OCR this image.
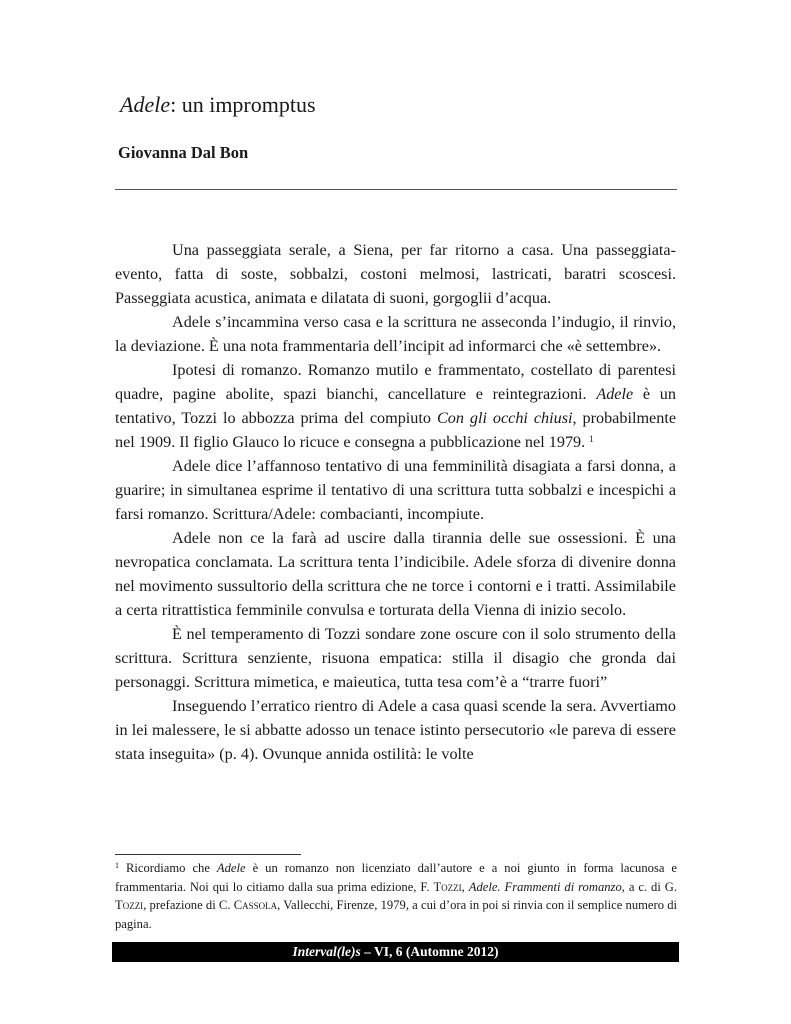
Adele: un impromptus
Giovanna Dal Bon

Una passeggiata serale, a Siena, per far ritorno a casa. Una passeggiata-evento, fatta di soste, sobbalzi, costoni melmosi, lastricati, baratri scoscesi. Passeggiata acustica, animata e dilatata di suoni, gorgoglii d’acqua.

Adele s’incammina verso casa e la scrittura ne asseconda l’indugio, il rinvio, la deviazione. È una nota frammentaria dell’incipit ad informarci che «è settembre».

Ipotesi di romanzo. Romanzo mutilo e frammentato, costellato di parentesi quadre, pagine abolite, spazi bianchi, cancellature e reintegrazioni. Adele è un tentativo, Tozzi lo abbozza prima del compiuto Con gli occhi chiusi, probabilmente nel 1909. Il figlio Glauco lo ricuce e consegna a pubblicazione nel 1979. $^1$

Adele dice l’affannoso tentativo di una femminilità disagiata a farsi donna, a guarire; in simultanea esprime il tentativo di una scrittura tutta sobbalzi e incespichi a farsi romanzo. Scrittura/Adele: combacianti, incompiute.

Adele non ce la farà ad uscire dalla tirannia delle sue ossessioni. È una nevropatica conclamata. La scrittura tenta l’indicibile. Adele sforza di divenire donna nel movimento sussultorio della scrittura che ne torce i contorni e i tratti. Assimilabile a certa ritrattistica femminile convulsa e torturata della Vienna di inizio secolo.

È nel temperamento di Tozzi sondare zone oscure con il solo strumento della scrittura. Scrittura senziente, risuona empatica: stilla il disagio che gronda dai personaggi. Scrittura mimetica, e maieutica, tutta tesa com’è a “trarre fuori”

Inseguendo l’erratico rientro di Adele a casa quasi scende la sera. Avvertiamo in lei malessere, le si abbatte adosso un tenace istinto persecutorio «le pareva di essere stata inseguita» (p. 4). Ovunque annida ostilità: le volte

$^1$ Ricordiamo che Adele è un romanzo non licenziato dall’autore e a noi giunto in forma lacunosa e frammentaria. Noi qui lo citiamo dalla sua prima edizione, F. Tozzi, Adele. Frammenti di romanzo, a c. di G. Tozzi, prefazione di C. Cassola, Vallecchi, Firenze, 1979, a cui d’ora in poi si rinvia con il semplice numero di pagina.
Interval(le)s – VI, 6 (Automne 2012)
